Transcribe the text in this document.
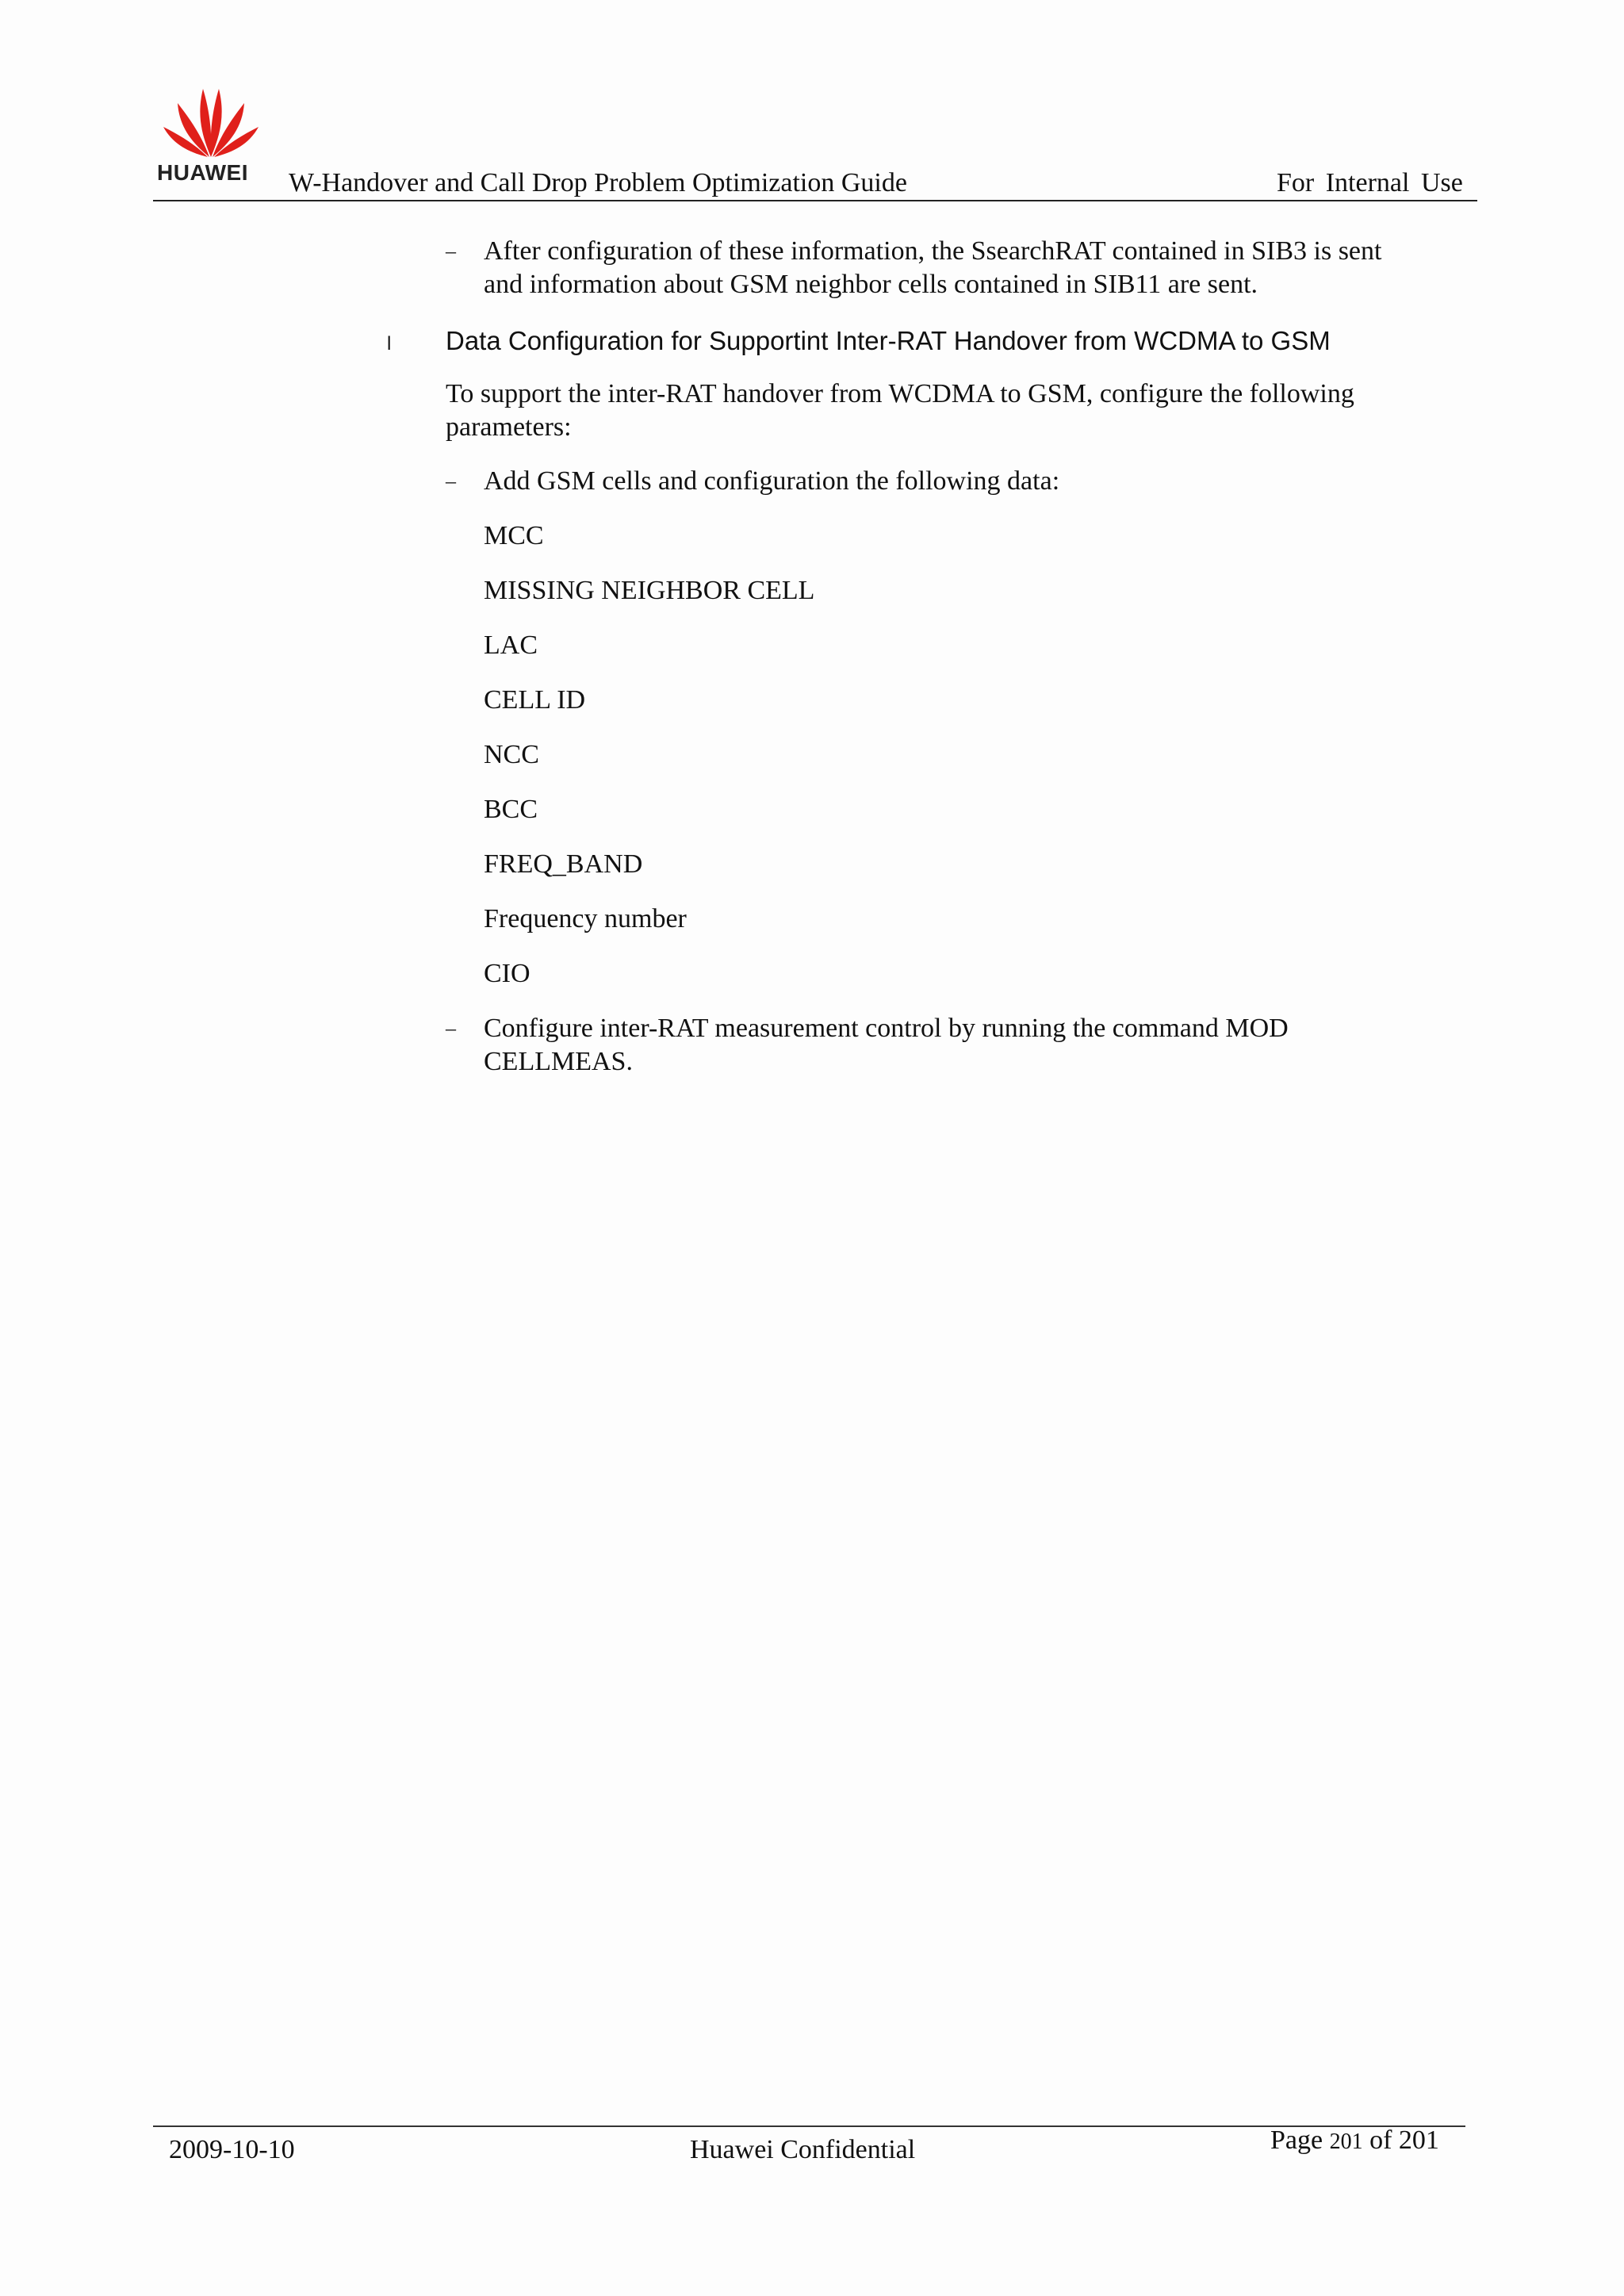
HUAWEI	W-Handover and Call Drop Problem Optimization Guide	For Internal Use
– After configuration of these information, the SsearchRAT contained in SIB3 is sent
and information about GSM neighbor cells contained in SIB11 are sent.
l Data Configuration for Supportint Inter-RAT Handover from WCDMA to GSM
To support the inter-RAT handover from WCDMA to GSM, configure the following
parameters:
– Add GSM cells and configuration the following data:
MCC
MISSING NEIGHBOR CELL
LAC
CELL ID
NCC
BCC
FREQ_BAND
Frequency number
CIO
– Configure inter-RAT measurement control by running the command MOD
CELLMEAS.
2009-10-10	Huawei Confidential	Page 201 of 201
